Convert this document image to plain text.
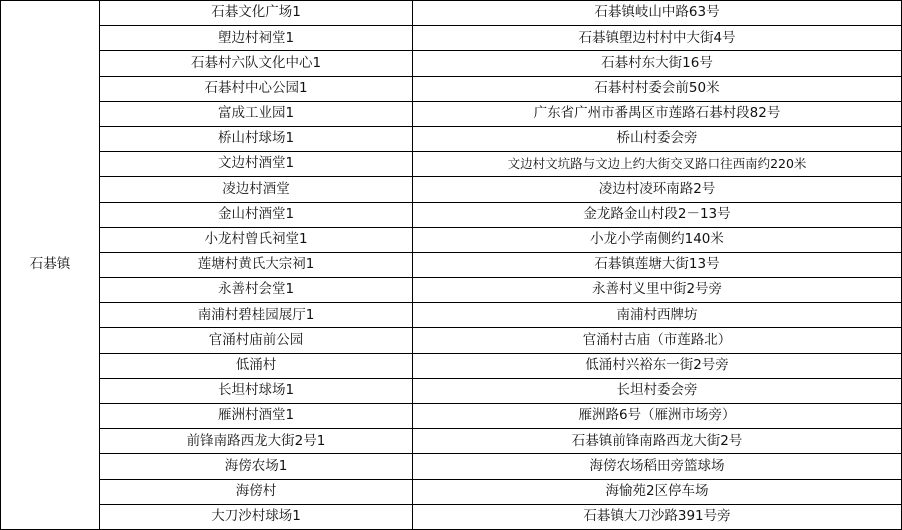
石碁镇	石碁文化广场1	石碁镇岐山中路63号
	塱边村祠堂1	石碁镇塱边村村中大街4号
	石碁村六队文化中心1	石碁村东大街16号
	石碁村中心公园1	石碁村村委会前50米
	富成工业园1	广东省广州市番禺区市莲路石碁村段82号
	桥山村球场1	桥山村委会旁
	文边村酒堂1	文边村文坑路与文边上约大街交叉路口往西南约220米
	凌边村酒堂	凌边村凌环南路2号
	金山村酒堂1	金龙路金山村段2－13号
	小龙村曾氏祠堂1	小龙小学南侧约140米
	莲塘村黄氏大宗祠1	石碁镇莲塘大街13号
	永善村会堂1	永善村义里中街2号旁
	南浦村碧桂园展厅1	南浦村西牌坊
	官涌村庙前公园	官涌村古庙（市莲路北）
	低涌村	低涌村兴裕东一街2号旁
	长坦村球场1	长坦村委会旁
	雁洲村酒堂1	雁洲路6号（雁洲市场旁）
	前锋南路西龙大街2号1	石碁镇前锋南路西龙大街2号
	海傍农场1	海傍农场稻田旁篮球场
	海傍村	海愉苑2区停车场
	大刀沙村球场1	石碁镇大刀沙路391号旁
